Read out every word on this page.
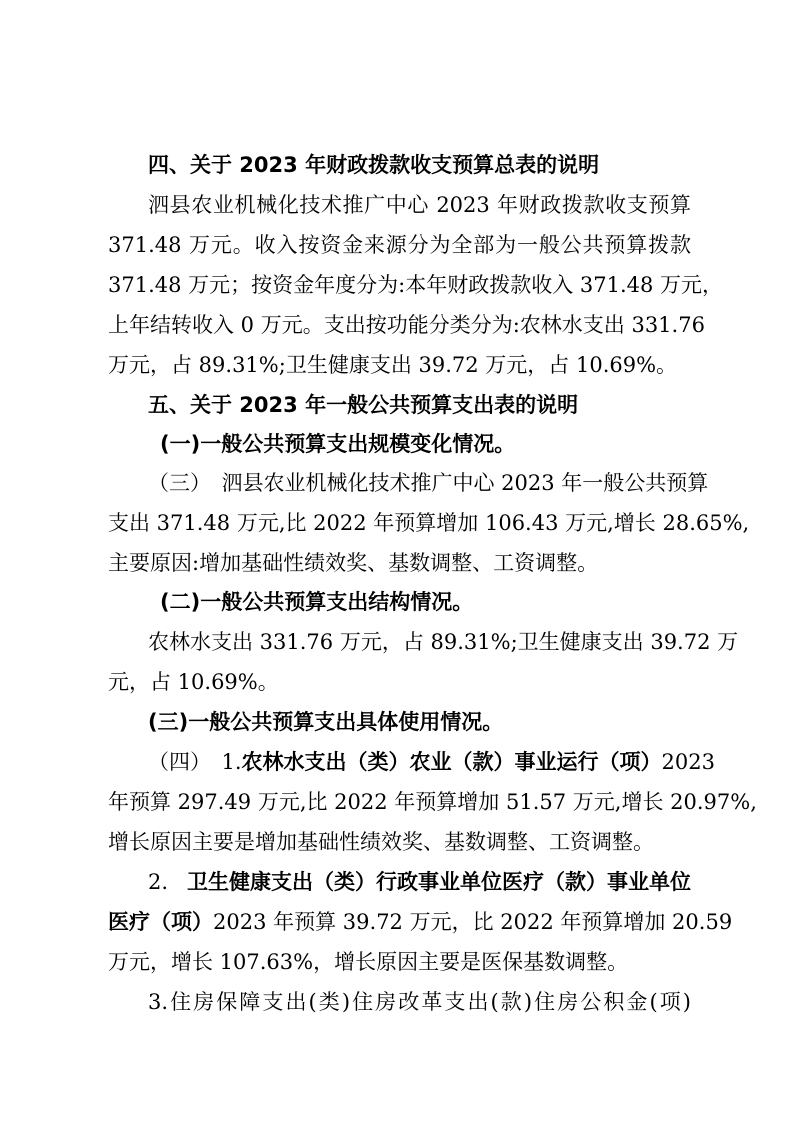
四、关于 2023 年财政拨款收支预算总表的说明
泗县农业机械化技术推广中心 2023 年财政拨款收支预算
371.48 万元。收入按资金来源分为全部为一般公共预算拨款
371.48 万元；按资金年度分为:本年财政拨款收入 371.48 万元，
上年结转收入 0 万元。支出按功能分类分为:农林水支出 331.76
万元，占 89.31%;卫生健康支出 39.72 万元，占 10.69%。
五、关于 2023 年一般公共预算支出表的说明
(一)一般公共预算支出规模变化情况。
（三）　泗县农业机械化技术推广中心 2023 年一般公共预算
支出 371.48 万元,比 2022 年预算增加 106.43 万元,增长 28.65%,
主要原因:增加基础性绩效奖、基数调整、工资调整。
(二)一般公共预算支出结构情况。
农林水支出 331.76 万元，占 89.31%;卫生健康支出 39.72 万
元，占 10.69%。
(三)一般公共预算支出具体使用情况。
（四）　1. 农林水支出（类）农业（款）事业运行（项） 2023
年预算 297.49 万元,比 2022 年预算增加 51.57 万元,增长 20.97%,
增长原因主要是增加基础性绩效奖、基数调整、工资调整。
2. 卫生健康支出（类）行政事业单位医疗（款）事业单位
医疗（项） 2023 年预算 39.72 万元，比 2022 年预算增加 20.59
万元，增长 107.63%，增长原因主要是医保基数调整。
3.住房保障支出(类)住房改革支出(款)住房公积金(项)
